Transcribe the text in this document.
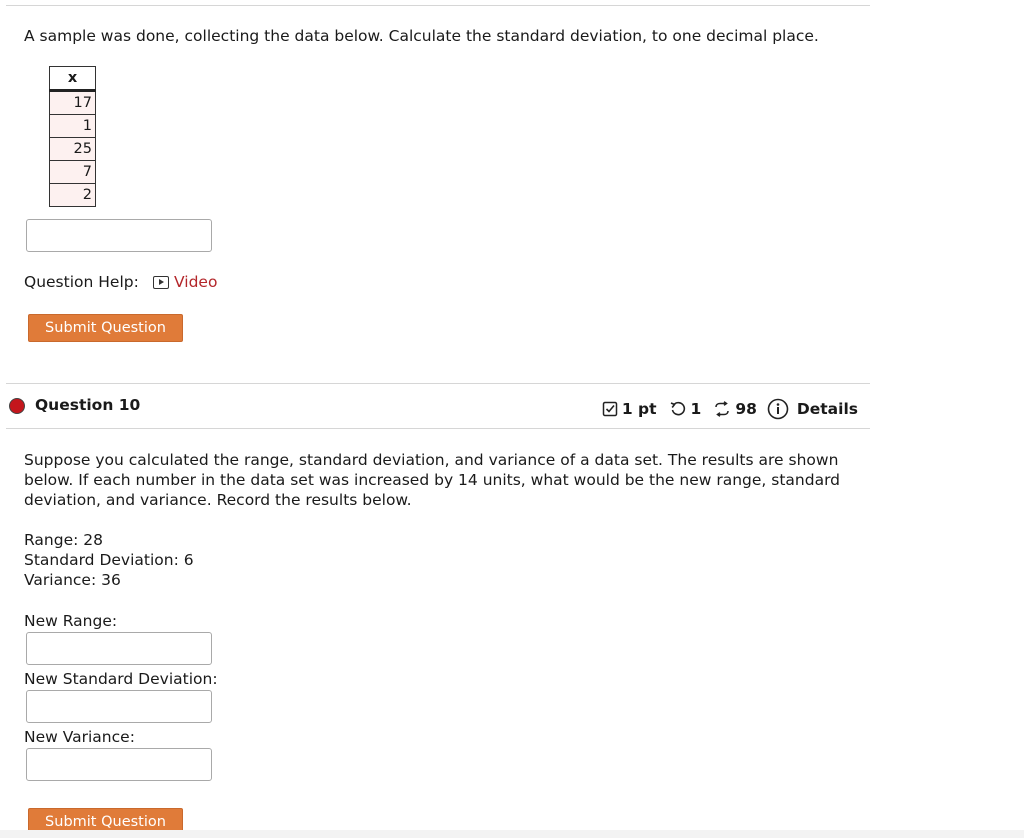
A sample was done, collecting the data below. Calculate the standard deviation, to one decimal place.
x
17
1
25
7
2
Question Help: Video
Submit Question
Question 10	1 pt 1 98	Details
Suppose you calculated the range, standard deviation, and variance of a data set. The results are shown below. If each number in the data set was increased by 14 units, what would be the new range, standard deviation, and variance. Record the results below.
Range: 28
Standard Deviation: 6
Variance: 36
New Range:
New Standard Deviation:
New Variance:
Submit Question
